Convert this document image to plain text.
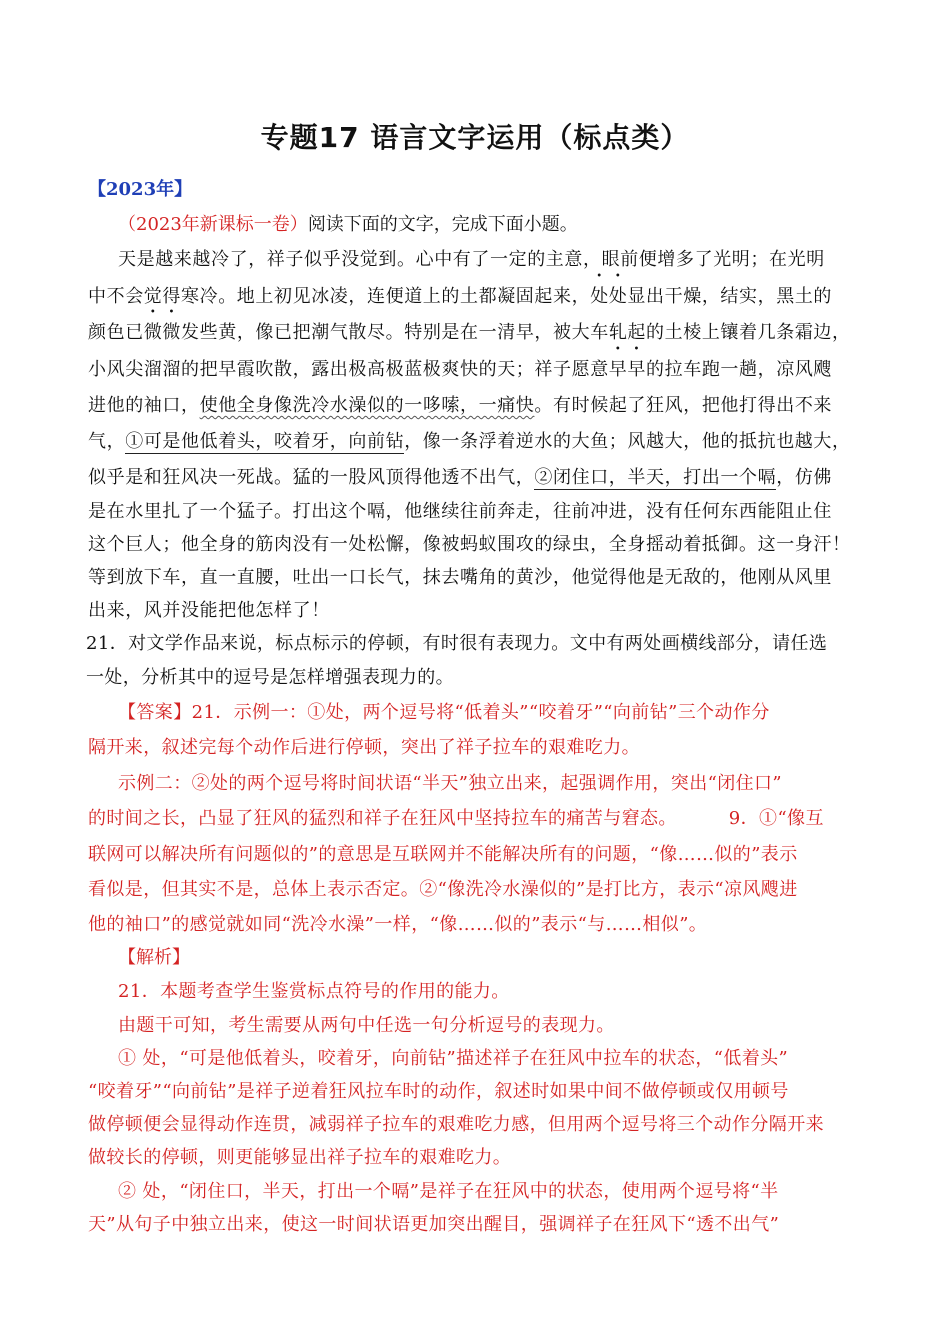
专题17 语言文字运用（标点类）
【2023年】
（2023年新课标一卷）阅读下面的文字，完成下面小题。
天是越来越冷了，祥子似乎没觉到。心中有了一定的主意，眼前便增多了光明；在光明
中不会觉得寒冷。地上初见冰凌，连便道上的土都凝固起来，处处显出干燥，结实，黑土的
颜色已微微发些黄，像已把潮气散尽。特别是在一清早，被大车轧起的土棱上镶着几条霜边，
小风尖溜溜的把早霞吹散，露出极高极蓝极爽快的天；祥子愿意早早的拉车跑一趟，凉风飕
进他的袖口，使他全身像洗冷水澡似的一哆嗦，一痛快。有时候起了狂风，把他打得出不来
气，①可是他低着头，咬着牙，向前钻，像一条浮着逆水的大鱼；风越大，他的抵抗也越大，
似乎是和狂风决一死战。猛的一股风顶得他透不出气，②闭住口，半天，打出一个嗝，仿佛
是在水里扎了一个猛子。打出这个嗝，他继续往前奔走，往前冲进，没有任何东西能阻止住
这个巨人；他全身的筋肉没有一处松懈，像被蚂蚁围攻的绿虫，全身摇动着抵御。这一身汗！
等到放下车，直一直腰，吐出一口长气，抹去嘴角的黄沙，他觉得他是无敌的，他刚从风里
出来，风并没能把他怎样了！
21．对文学作品来说，标点标示的停顿，有时很有表现力。文中有两处画横线部分，请任选
一处，分析其中的逗号是怎样增强表现力的。
【答案】21．示例一：①处，两个逗号将“低着头”“咬着牙”“向前钻”三个动作分
隔开来，叙述完每个动作后进行停顿，突出了祥子拉车的艰难吃力。
示例二：②处的两个逗号将时间状语“半天”独立出来，起强调作用，突出“闭住口”
的时间之长，凸显了狂风的猛烈和祥子在狂风中坚持拉车的痛苦与窘态。	9．①“像互
联网可以解决所有问题似的”的意思是互联网并不能解决所有的问题，“像……似的”表示
看似是，但其实不是，总体上表示否定。②“像洗冷水澡似的”是打比方，表示“凉风飕进
他的袖口”的感觉就如同“洗冷水澡”一样，“像……似的”表示“与……相似”。
【解析】
21．本题考查学生鉴赏标点符号的作用的能力。
由题干可知，考生需要从两句中任选一句分析逗号的表现力。
① 处，“可是他低着头，咬着牙，向前钻”描述祥子在狂风中拉车的状态，“低着头”
“咬着牙”“向前钻”是祥子逆着狂风拉车时的动作，叙述时如果中间不做停顿或仅用顿号
做停顿便会显得动作连贯，减弱祥子拉车的艰难吃力感，但用两个逗号将三个动作分隔开来
做较长的停顿，则更能够显出祥子拉车的艰难吃力。
② 处，“闭住口，半天，打出一个嗝”是祥子在狂风中的状态，使用两个逗号将“半
天”从句子中独立出来，使这一时间状语更加突出醒目，强调祥子在狂风下“透不出气”
